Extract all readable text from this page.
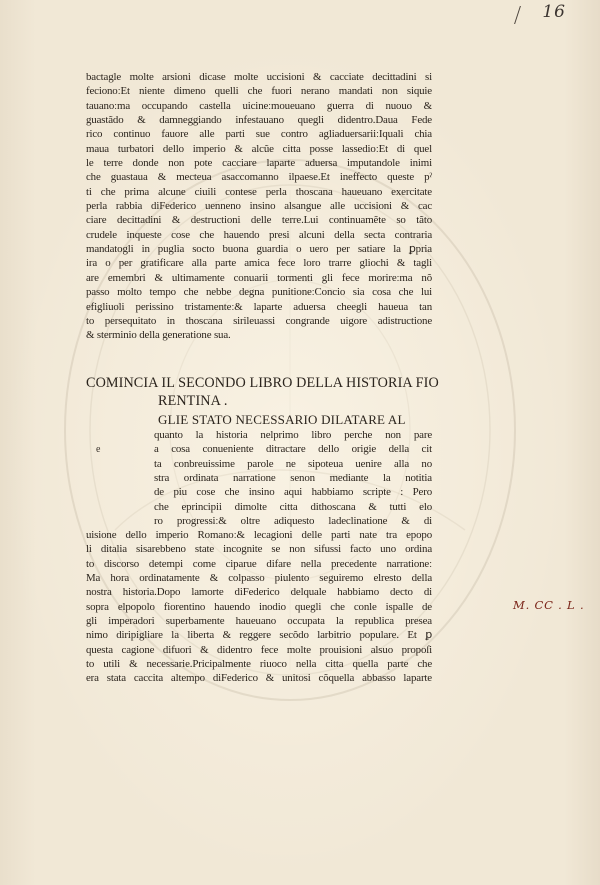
16
bactagle molte arsioni dicase molte uccisioni & cacciate decittadini si
fecionoːEt niente dimeno quelli che fuori nerano mandati non siquie
tauanoːma occupando castella uicineːmoueuano guerra di nuouo &
guastãdo & damneggiando infestauano quegli didentro.Daua Fede
rico continuo fauore alle parti sue contro agliaduersariiːIquali chia
maua turbatori dello imperio & alcũe citta posse lassedioːEt di quel
le terre donde non pote cacciare laparte aduersa imputandole inimi
che guastaua & mecteua asaccomanno ilpaese.Et ineffecto queste pˀ
ti che prima alcune ciuili contese perla thoscana haueuano exercitate
perla rabbia diFederico uenneno insino alsangue alle uccisioni & cac
ciare decittadini & destructioni delle terre.Lui continuamẽte so tãto
crudele inqueste cose che hauendo presi alcuni della secta contraria
mandatogli in puglia socto buona guardia o uero per satiare la ꝑpria
ira o per gratificare alla parte amica fece loro trarre gliochi & tagli
are emembri & ultimamente conuarii tormenti gli fece morireːma nõ
passo molto tempo che nebbe degna punitioneːConcio sia cosa che lui
efigliuoli perissino tristamenteː& laparte aduersa cheegli haueua tan
to persequitato in thoscana sirileuassi congrande uigore adistructione
& sterminio della generatione sua.
COMINCIA IL SECONDO LIBRO DELLA HISTORIA FIO
RENTINA .
GLIE STATO NECESSARIO DILATARE AL
e
quanto la historia nelprimo libro perche non pare
a cosa conueniente ditractare dello origie della cit
ta conbreuissime parole ne sipoteua uenire alla no
stra ordinata narratione senon mediante la notitia
de piu cose che insino aqui habbiamo scripte : Pero
che eprincipii dimolte citta dithoscana & tutti elo
ro progressiː& oltre adiquesto ladeclinatione & di
uisione dello imperio Romanoː& lecagioni delle parti nate tra epopo
li ditalia sisarebbeno state incognite se non sifussi facto uno ordina
to discorso detempi come ciparue difare nella precedente narrationeː
Ma hora ordinatamente & colpasso piulento seguiremo elresto della
nostra historia.Dopo lamorte diFederico delquale habbiamo decto di
sopra elpopolo fiorentino hauendo inodio quegli che conle ispalle de
gli imperadori superbamente haueuano occupata la republica presea
nimo diripigliare la liberta & reggere secõdo larbitrio populare. Et ꝑ
questa cagione difuori & didentro fece molte prouisioni alsuo propoſi
to utili & necessarie.Pricipalmente riuoco nella citta quella parte che
era stata caccita altempo diFederico & unitosi cõquella abbasso laparte
M. CC . L .
